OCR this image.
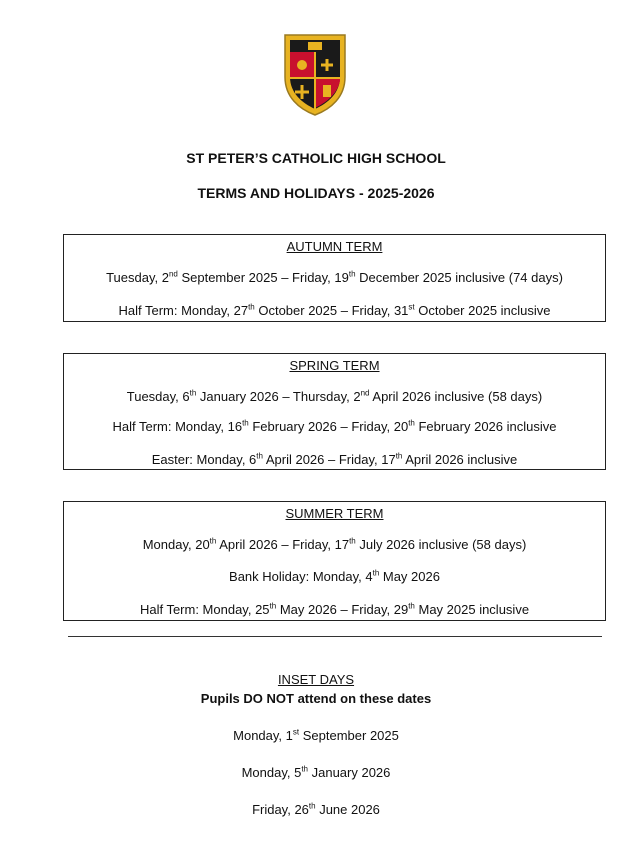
ST PETER’S CATHOLIC HIGH SCHOOL
TERMS AND HOLIDAYS - 2025-2026
AUTUMN TERM
Tuesday, 2nd September 2025 – Friday, 19th December 2025 inclusive (74 days)
Half Term: Monday, 27th October 2025 – Friday, 31st October 2025 inclusive
SPRING TERM
Tuesday, 6th January 2026 – Thursday, 2nd April 2026 inclusive (58 days)
Half Term: Monday, 16th February 2026 – Friday, 20th February 2026 inclusive
Easter: Monday, 6th April 2026 – Friday, 17th April 2026 inclusive
SUMMER TERM
Monday, 20th April 2026 – Friday, 17th July 2026 inclusive (58 days)
Bank Holiday: Monday, 4th May 2026
Half Term: Monday, 25th May 2026 – Friday, 29th May 2025 inclusive
INSET DAYS
Pupils DO NOT attend on these dates
Monday, 1st September 2025
Monday, 5th January 2026
Friday, 26th June 2026
